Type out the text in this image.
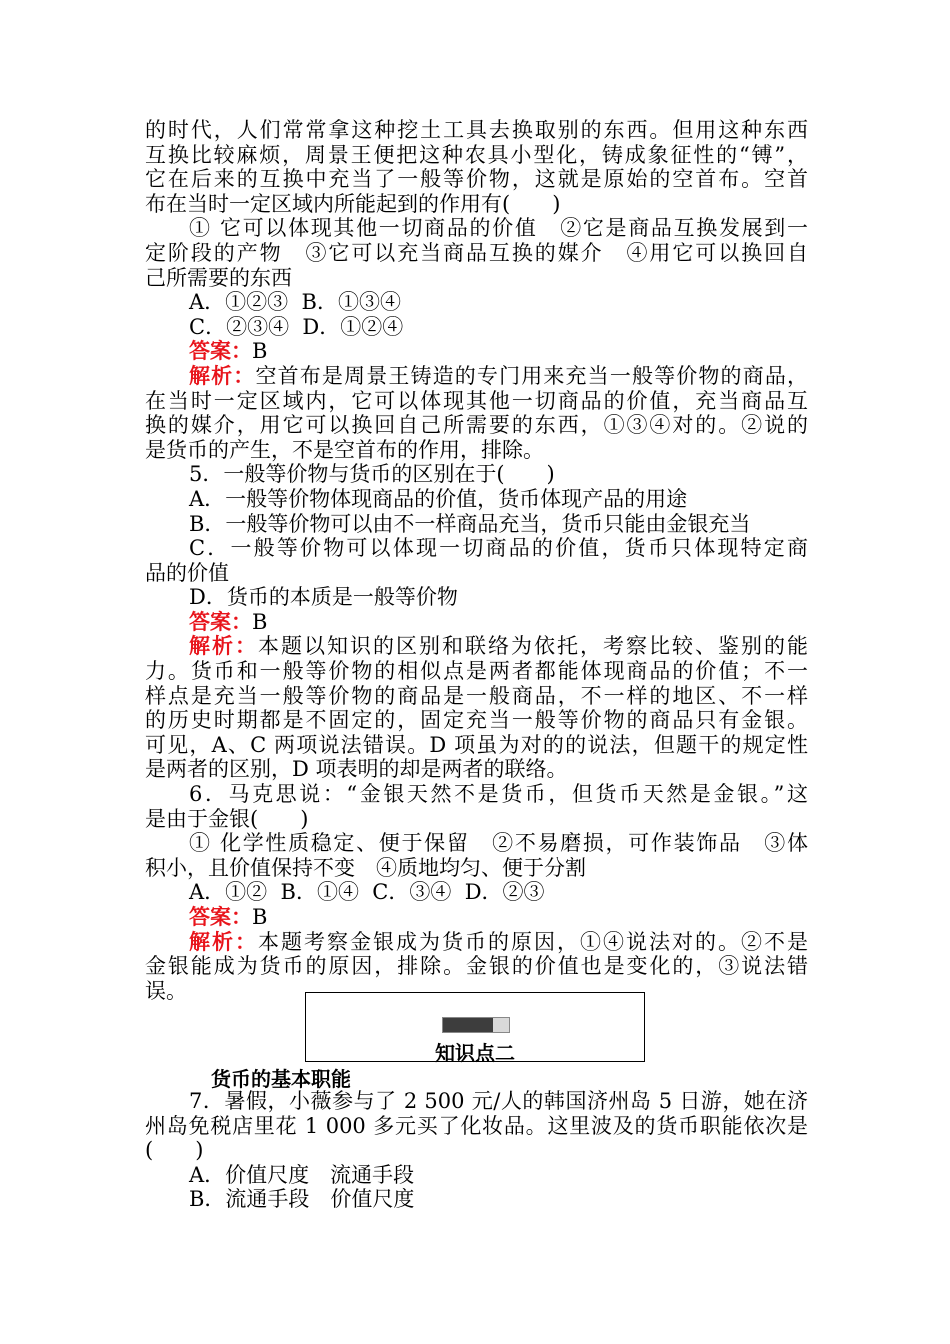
的时代，人们常常拿这种挖土工具去换取别的东西。但用这种东西
互换比较麻烦，周景王便把这种农具小型化，铸成象征性的“镈”，
它在后来的互换中充当了一般等价物，这就是原始的空首布。空首
布在当时一定区域内所能起到的作用有(　　)
① 它可以体现其他一切商品的价值　②它是商品互换发展到一
定阶段的产物　③它可以充当商品互换的媒介　④用它可以换回自
己所需要的东西
A．①②③  B．①③④
C．②③④  D．①②④
答案：B
解析：空首布是周景王铸造的专门用来充当一般等价物的商品，
在当时一定区域内，它可以体现其他一切商品的价值，充当商品互
换的媒介，用它可以换回自己所需要的东西，①③④对的。②说的
是货币的产生，不是空首布的作用，排除。
5．一般等价物与货币的区别在于(　　)
A．一般等价物体现商品的价值，货币体现产品的用途
B．一般等价物可以由不一样商品充当，货币只能由金银充当
C．一般等价物可以体现一切商品的价值，货币只体现特定商
品的价值
D．货币的本质是一般等价物
答案：B
解析：本题以知识的区别和联络为依托，考察比较、鉴别的能
力。货币和一般等价物的相似点是两者都能体现商品的价值；不一
样点是充当一般等价物的商品是一般商品，不一样的地区、不一样
的历史时期都是不固定的，固定充当一般等价物的商品只有金银。
可见，A、C 两项说法错误。D 项虽为对的的说法，但题干的规定性
是两者的区别，D 项表明的却是两者的联络。
6．马克思说：“金银天然不是货币，但货币天然是金银。”这
是由于金银(　　)
① 化学性质稳定、便于保留　②不易磨损，可作装饰品　③体
积小，且价值保持不变　④质地均匀、便于分割
A．①②  B．①④  C．③④  D．②③
答案：B
解析：本题考察金银成为货币的原因，①④说法对的。②不是
金银能成为货币的原因，排除。金银的价值也是变化的，③说法错
误。
知识点二
货币的基本职能
7．暑假，小薇参与了 2 500 元/人的韩国济州岛 5 日游，她在济
州岛免税店里花 1 000 多元买了化妆品。这里波及的货币职能依次是
(　　)
A．价值尺度　流通手段
B．流通手段　价值尺度
